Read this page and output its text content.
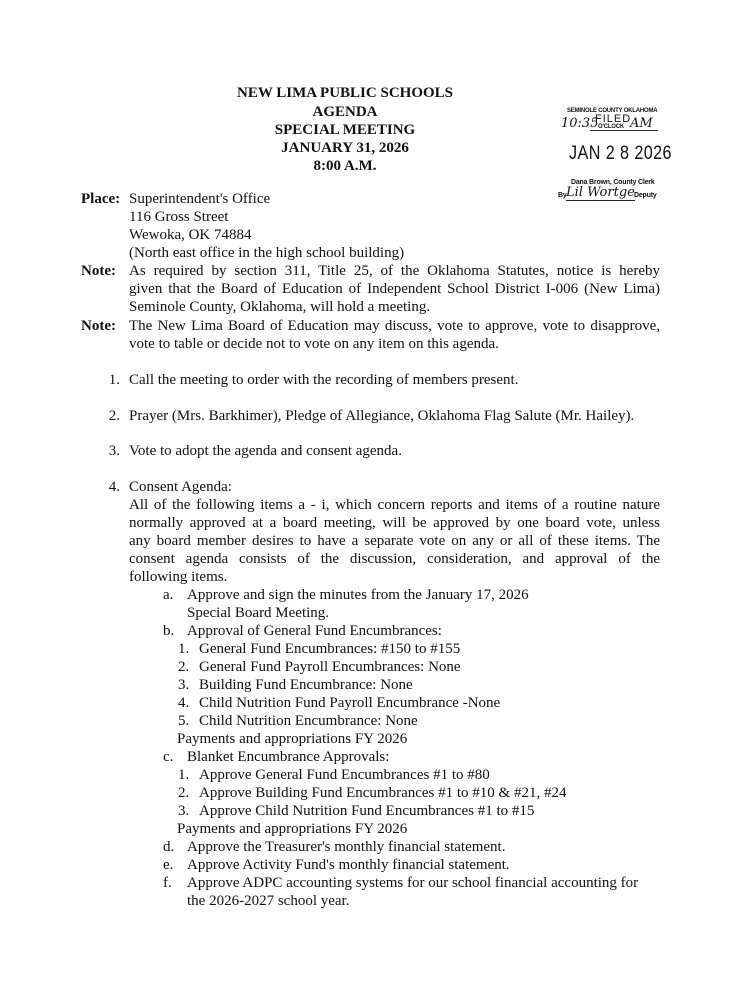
NEW LIMA PUBLIC SCHOOLS
AGENDA
SPECIAL MEETING
JANUARY 31, 2026
8:00 A.M.
SEMINOLE COUNTY OKLAHOMA
FILED
10:35 O'CLOCK AM
JAN 2 8 2026
Dana Brown, County Clerk
By Lil Wortge Deputy
Place: Superintendent's Office
116 Gross Street
Wewoka, OK 74884
(North east office in the high school building)
Note: As required by section 311, Title 25, of the Oklahoma Statutes, notice is hereby
given that the Board of Education of Independent School District I-006 (New Lima)
Seminole County, Oklahoma, will hold a meeting.
Note: The New Lima Board of Education may discuss, vote to approve, vote to disapprove,
vote to table or decide not to vote on any item on this agenda.
1. Call the meeting to order with the recording of members present.
2. Prayer (Mrs. Barkhimer), Pledge of Allegiance, Oklahoma Flag Salute (Mr. Hailey).
3. Vote to adopt the agenda and consent agenda.
4. Consent Agenda:
All of the following items a - i, which concern reports and items of a routine nature
normally approved at a board meeting, will be approved by one board vote, unless
any board member desires to have a separate vote on any or all of these items. The
consent agenda consists of the discussion, consideration, and approval of the
following items.
a. Approve and sign the minutes from the January 17, 2026
Special Board Meeting.
b. Approval of General Fund Encumbrances:
1. General Fund Encumbrances: #150 to #155
2. General Fund Payroll Encumbrances: None
3. Building Fund Encumbrance: None
4. Child Nutrition Fund Payroll Encumbrance -None
5. Child Nutrition Encumbrance: None
Payments and appropriations FY 2026
c. Blanket Encumbrance Approvals:
1. Approve General Fund Encumbrances #1 to #80
2. Approve Building Fund Encumbrances #1 to #10 & #21, #24
3. Approve Child Nutrition Fund Encumbrances #1 to #15
Payments and appropriations FY 2026
d. Approve the Treasurer's monthly financial statement.
e. Approve Activity Fund's monthly financial statement.
f. Approve ADPC accounting systems for our school financial accounting for
the 2026-2027 school year.
